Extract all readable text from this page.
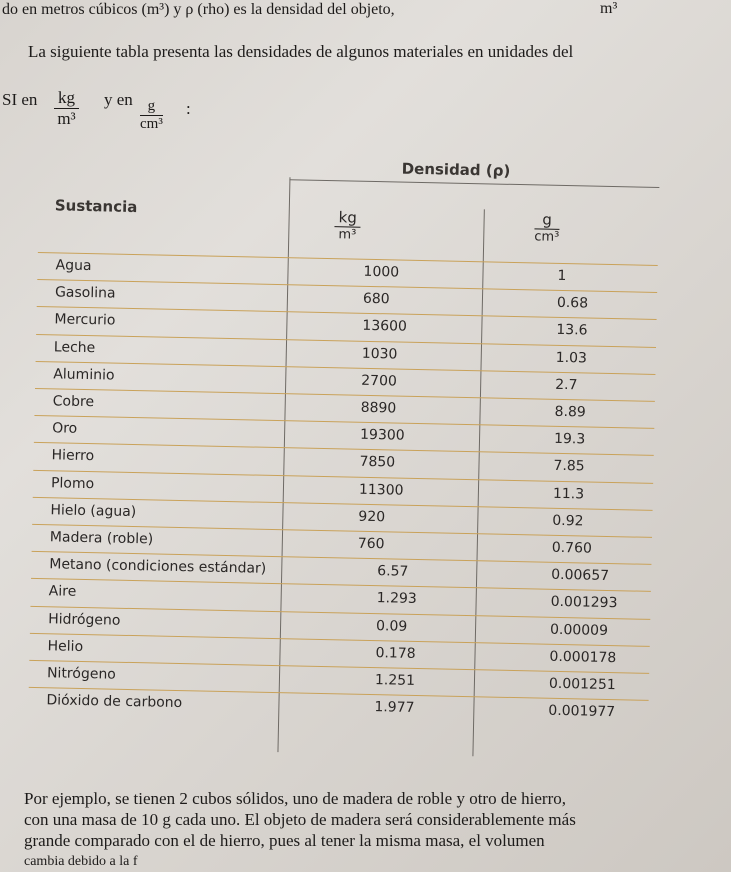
do en metros cúbicos (m³) y ρ (rho) es la densidad del objeto,	m³
La siguiente tabla presenta las densidades de algunos materiales en unidades del
SI en $\frac{kg}{\text{m³}}$ y en $\frac{g}{\text{cm³}}$ :
Densidad (ρ)
Sustancia
$\frac{kg}{\text{m³}}$	$\frac{g}{\text{cm³}}$
Agua	1000	1
Gasolina	680	0.68
Mercurio	13600	13.6
Leche	1030	1.03
Aluminio	2700	2.7
Cobre	8890	8.89
Oro	19300	19.3
Hierro	7850	7.85
Plomo	11300	11.3
Hielo (agua)	920	0.92
Madera (roble)	760	0.760
Metano (condiciones estándar)	6.57	0.00657
Aire	1.293	0.001293
Hidrógeno	0.09	0.00009
Helio	0.178	0.000178
Nitrógeno	1.251	0.001251
Dióxido de carbono	1.977	0.001977
Por ejemplo, se tienen 2 cubos sólidos, uno de madera de roble y otro de hierro,
con una masa de 10 g cada uno. El objeto de madera será considerablemente más
grande comparado con el de hierro, pues al tener la misma masa, el volumen
cambia debido a la f
